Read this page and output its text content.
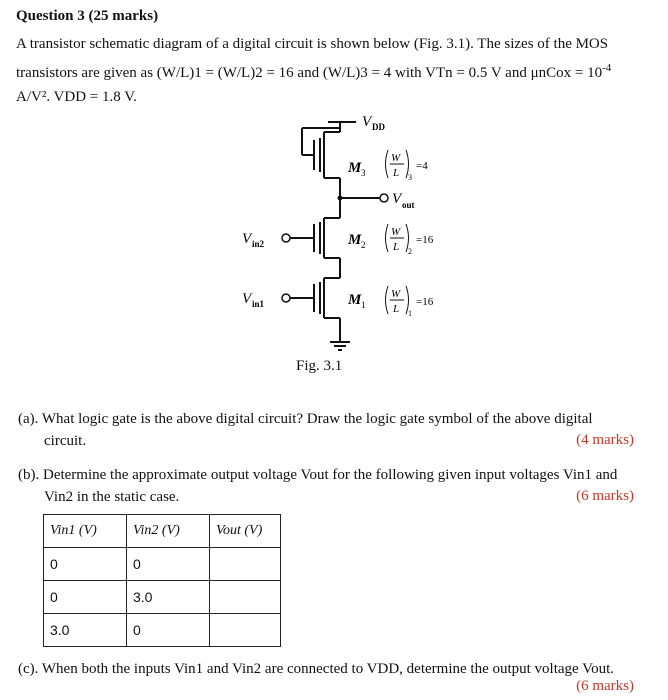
Question 3 (25 marks)
A transistor schematic diagram of a digital circuit is shown below (Fig. 3.1). The sizes of the MOS
transistors are given as (W/L)1 = (W/L)2 = 16 and (W/L)3 = 4 with VTn = 0.5 V and μnCox = $10^{-4}$
A/V². VDD = 1.8 V.
V DD
V out
V in2
V in1
M 3
M 2
M 1
W
L 3
=4
W
L 2
=16
W
L 1
=16
Fig. 3.1
(a). What logic gate is the above digital circuit? Draw the logic gate symbol of the above digital
circuit.	(4 marks)
(b). Determine the approximate output voltage Vout for the following given input voltages Vin1 and
Vin2 in the static case.	(6 marks)
Vin1 (V)	Vin2 (V)	Vout (V)
0	0	
0	3.0	
3.0	0	
(c). When both the inputs Vin1 and Vin2 are connected to VDD, determine the output voltage Vout.
(6 marks)
